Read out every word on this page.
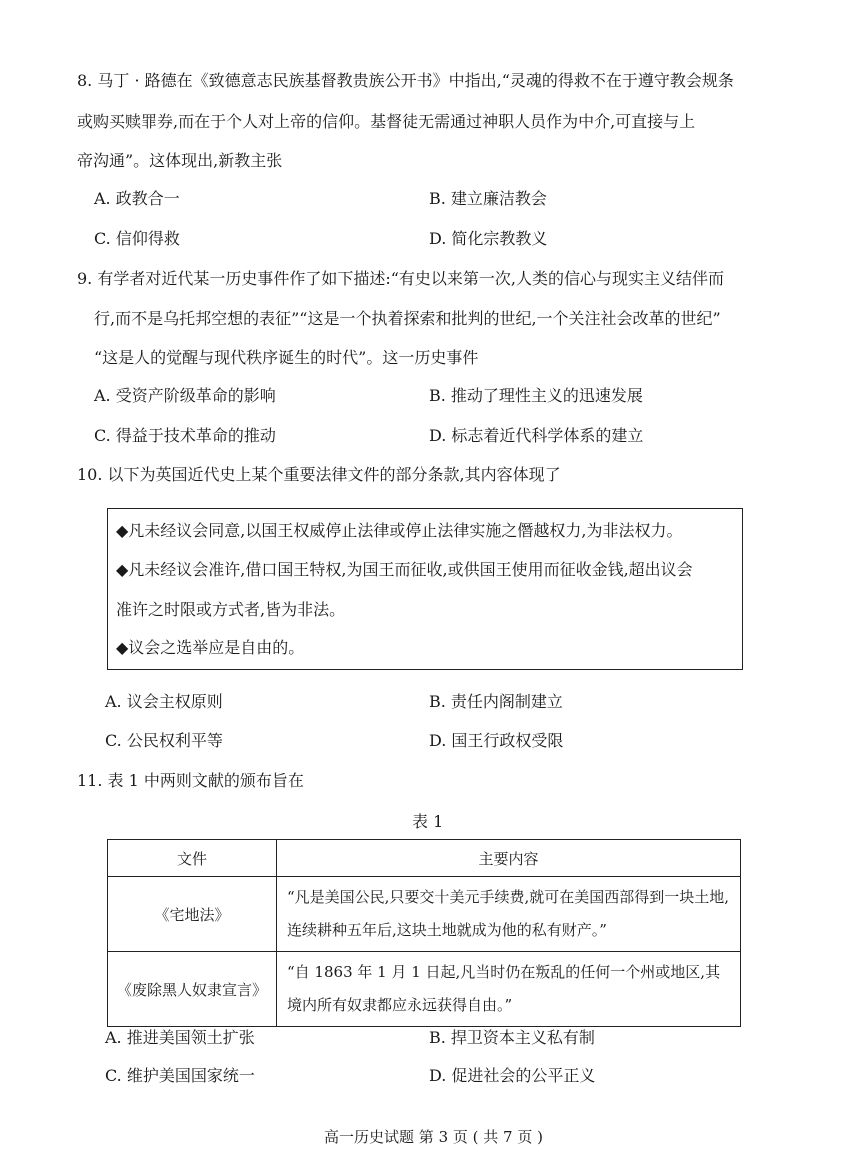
8. 马丁 · 路德在《致德意志民族基督教贵族公开书》中指出,“灵魂的得救不在于遵守教会规条
或购买赎罪券,而在于个人对上帝的信仰。基督徒无需通过神职人员作为中介,可直接与上
帝沟通”。这体现出,新教主张
A. 政教合一	B. 建立廉洁教会
C. 信仰得救	D. 简化宗教教义
9. 有学者对近代某一历史事件作了如下描述:“有史以来第一次,人类的信心与现实主义结伴而
行,而不是乌托邦空想的表征”“这是一个执着探索和批判的世纪,一个关注社会改革的世纪”
“这是人的觉醒与现代秩序诞生的时代”。这一历史事件
A. 受资产阶级革命的影响	B. 推动了理性主义的迅速发展
C. 得益于技术革命的推动	D. 标志着近代科学体系的建立
10. 以下为英国近代史上某个重要法律文件的部分条款,其内容体现了
◆凡未经议会同意,以国王权威停止法律或停止法律实施之僭越权力,为非法权力。
◆凡未经议会准许,借口国王特权,为国王而征收,或供国王使用而征收金钱,超出议会
准许之时限或方式者,皆为非法。
◆议会之选举应是自由的。
A. 议会主权原则	B. 责任内阁制建立
C. 公民权利平等	D. 国王行政权受限
11. 表 1 中两则文献的颁布旨在
表 1
文件	主要内容
《宅地法》	“凡是美国公民,只要交十美元手续费,就可在美国西部得到一块土地,连续耕种五年后,这块土地就成为他的私有财产。”
《废除黑人奴隶宣言》	“自 1863 年 1 月 1 日起,凡当时仍在叛乱的任何一个州或地区,其境内所有奴隶都应永远获得自由。”
A. 推进美国领土扩张	B. 捍卫资本主义私有制
C. 维护美国国家统一	D. 促进社会的公平正义
高一历史试题 第 3 页 ( 共 7 页 )
